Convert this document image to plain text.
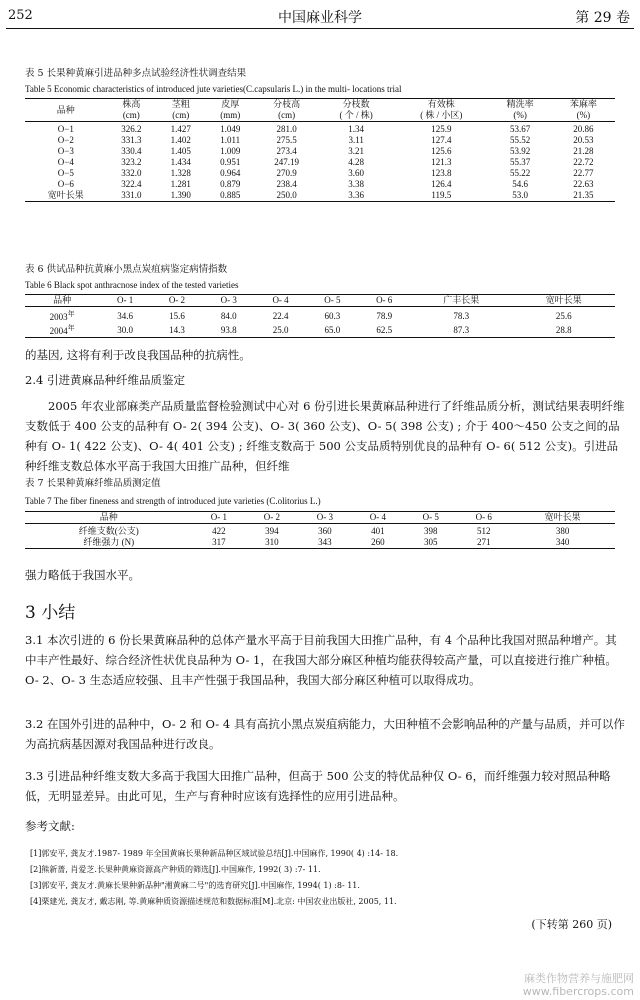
252	中国麻业科学	第 29 卷
表 5 长果种黄麻引进品种多点试验经济性状调查结果
Table 5 Economic characteristics of introduced jute varieties(C.capsularis L.) in the multi- locations trial
品种	株高	茎粗	皮厚	分枝高	分枝数	有效株	精洗率	苯麻率
	(cm)	(cm)	(mm)	(cm)	( 个 / 株)	( 株 / 小区)	(%)	(%)
O−1	326.2	1.427	1.049	281.0	1.34	125.9	53.67	20.86
O−2	331.3	1.402	1.011	275.5	3.11	127.4	55.52	20.53
O−3	330.4	1.405	1.009	273.4	3.21	125.6	53.92	21.28
O−4	323.2	1.434	0.951	247.19	4.28	121.3	55.37	22.72
O−5	332.0	1.328	0.964	270.9	3.60	123.8	55.22	22.77
O−6	322.4	1.281	0.879	238.4	3.38	126.4	54.6	22.63
宽叶长果	331.0	1.390	0.885	250.0	3.36	119.5	53.0	21.35
表 6 供试品种抗黄麻小黑点炭疽病鉴定病情指数
Table 6 Black spot anthracnose index of the tested varieties
品种	O- 1	O- 2	O- 3	O- 4	O- 5	O- 6	广丰长果	宽叶长果
$2003^年$	34.6	15.6	84.0	22.4	60.3	78.9	78.3	25.6
$2004^年$	30.0	14.3	93.8	25.0	65.0	62.5	87.3	28.8

的基因, 这将有利于改良我国品种的抗病性。

2.4 引进黄麻品种纤维品质鉴定

2005 年农业部麻类产品质量监督检验测试中心对 6 份引进长果黄麻品种进行了纤维品质分析，测试结果表明纤维支数低于 400 公支的品种有 O- 2( 394 公支)、O- 3( 360 公支)、O- 5( 398 公支) ; 介于 400～450 公支之间的品种有 O- 1( 422 公支)、O- 4( 401 公支) ; 纤维支数高于 500 公支品质特别优良的品种有 O- 6( 512 公支)。引进品种纤维支数总体水平高于我国大田推广品种，但纤维

表 7 长果种黄麻纤维品质测定值
Table 7 The fiber fineness and strength of introduced jute varieties (C.olitorius L.)
品种	O- 1	O- 2	O- 3	O- 4	O- 5	O- 6	宽叶长果
纤维支数(公支)	422	394	360	401	398	512	380
纤维强力 (N)	317	310	343	260	305	271	340

强力略低于我国水平。

3 小结

3.1 本次引进的 6 份长果黄麻品种的总体产量水平高于目前我国大田推广品种，有 4 个品种比我国对照品种增产。其中丰产性最好、综合经济性状优良品种为 O- 1，在我国大部分麻区种植均能获得较高产量，可以直接进行推广种植。O- 2、O- 3 生态适应较强、且丰产性强于我国品种，我国大部分麻区种植可以取得成功。

3.2 在国外引进的品种中，O- 2 和 O- 4 具有高抗小黑点炭疽病能力，大田种植不会影响品种的产量与品质，并可以作为高抗病基因源对我国品种进行改良。

3.3 引进品种纤维支数大多高于我国大田推广品种，但高于 500 公支的特优品种仅 O- 6，而纤维强力较对照品种略低，无明显差异。由此可见，生产与育种时应该有选择性的应用引进品种。

参考文献:
[1]郭安平, 龚友才.1987- 1989 年全国黄麻长果种新品种区域试验总结[J].中国麻作, 1990( 4) :14- 18.
[2]熊新蔷, 肖爱芝.长果种黄麻资源高产种质的筛选[J].中国麻作, 1992( 3) :7- 11.
[3]郭安平, 龚友才.黄麻长果种新品种"湘黄麻二号"的选育研究[J].中国麻作, 1994( 1) :8- 11.
[4]栗建光, 龚友才, 戴志刚, 等.黄麻种质资源描述规范和数据标准[M].北京: 中国农业出版社, 2005, 11.
(下转第 260 页)
麻类作物营养与施肥网
www.fibercrops.com
